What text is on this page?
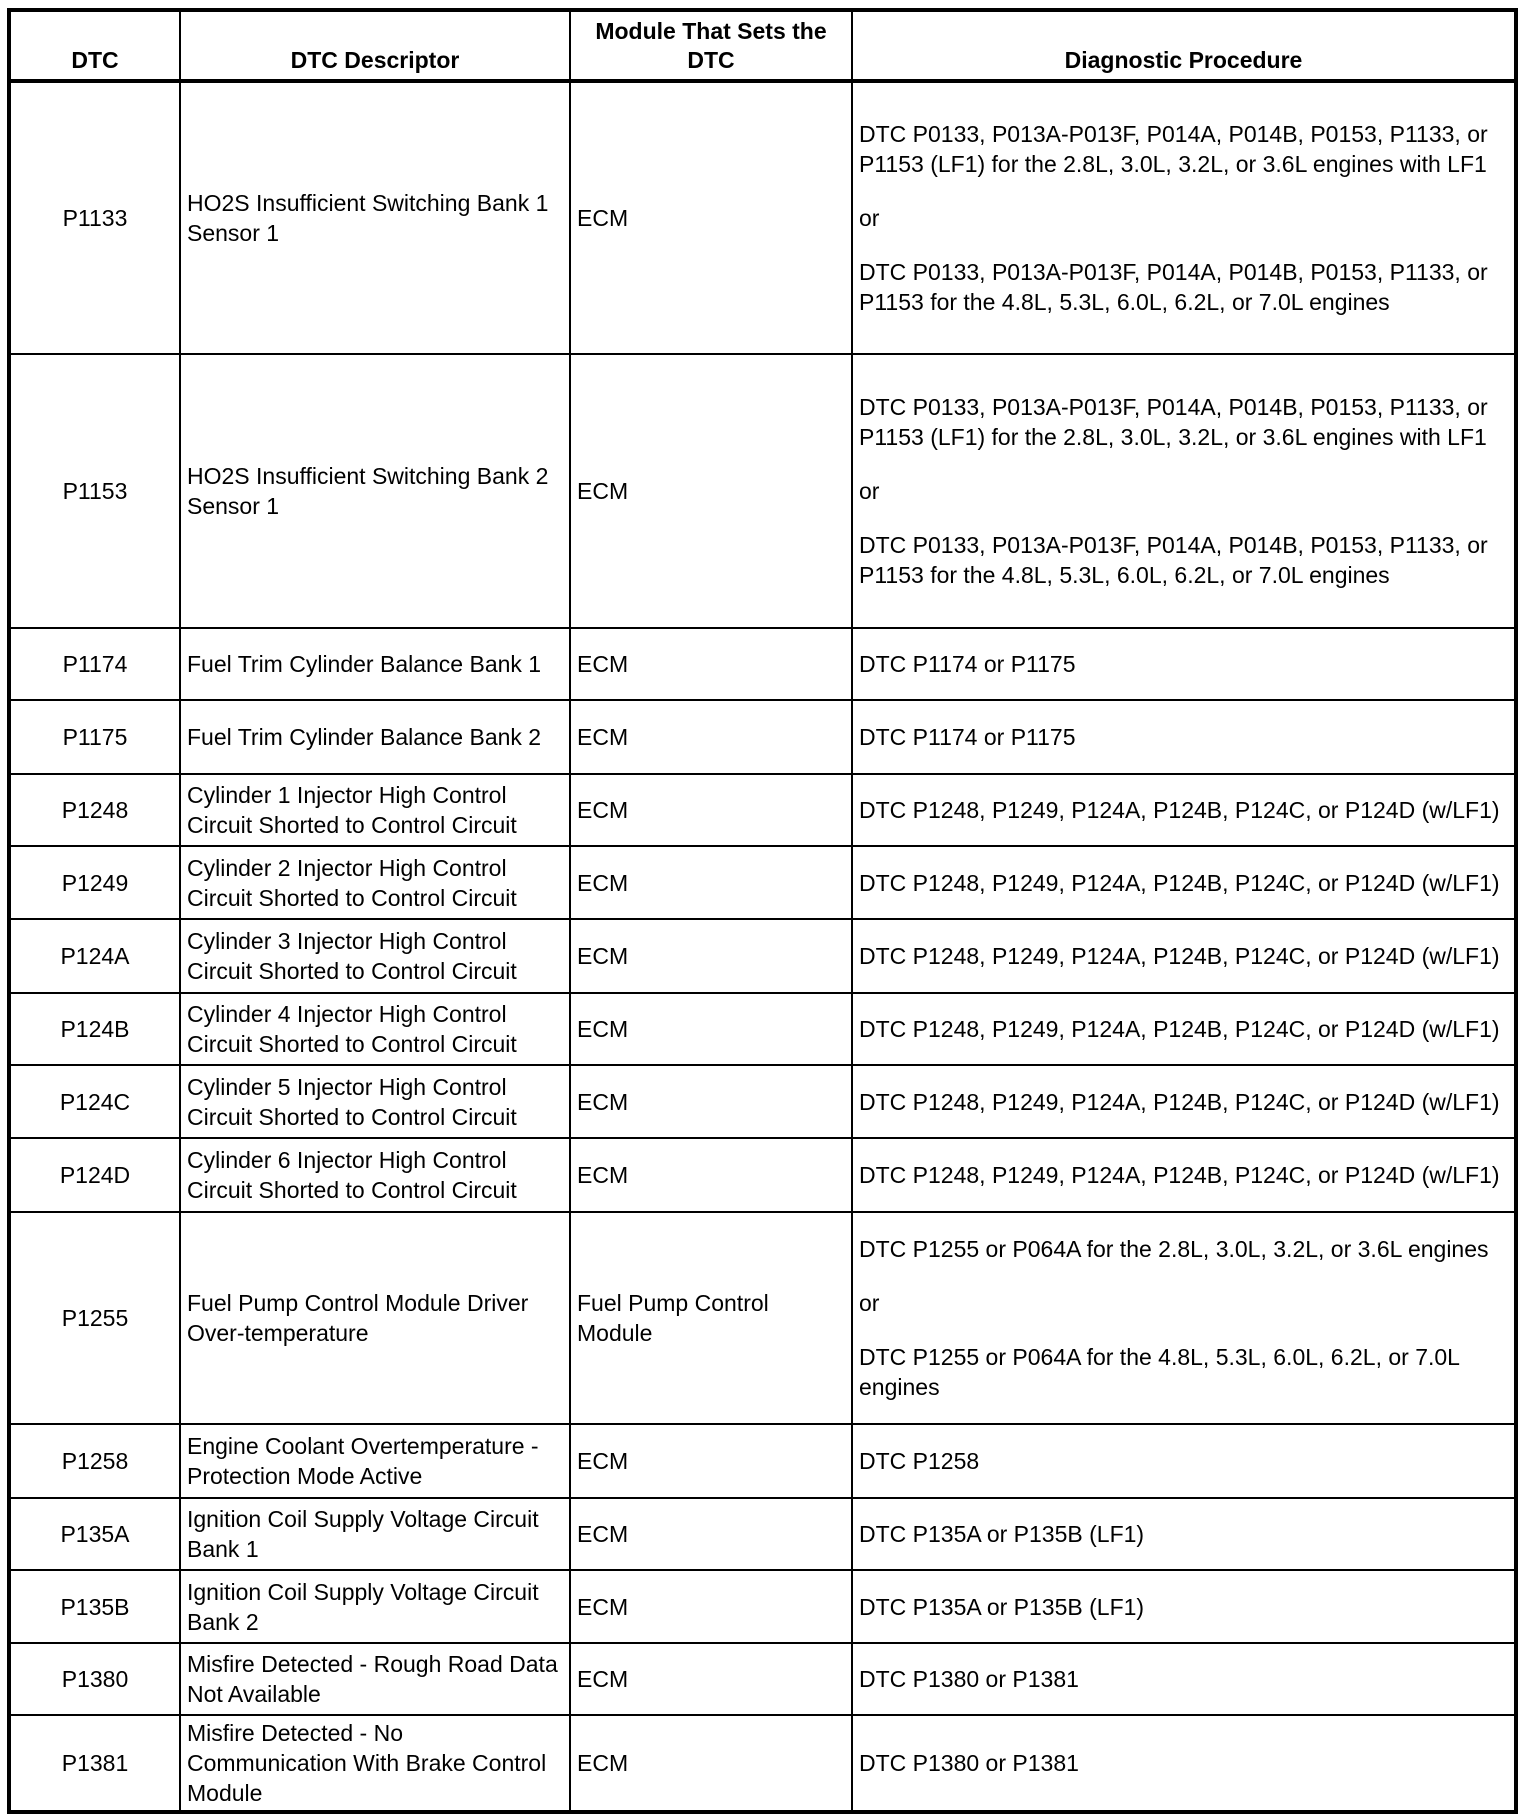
DTC	DTC Descriptor	Module That Sets the DTC	Diagnostic Procedure
P1133	HO2S Insufficient Switching Bank 1 Sensor 1	ECM	DTC P0133, P013A-P013F, P014A, P014B, P0153, P1133, or P1153 (LF1) for the 2.8L, 3.0L, 3.2L, or 3.6L engines with LF1

or

DTC P0133, P013A-P013F, P014A, P014B, P0153, P1133, or P1153 for the 4.8L, 5.3L, 6.0L, 6.2L, or 7.0L engines

P1153	HO2S Insufficient Switching Bank 2 Sensor 1	ECM	DTC P0133, P013A-P013F, P014A, P014B, P0153, P1133, or P1153 (LF1) for the 2.8L, 3.0L, 3.2L, or 3.6L engines with LF1

or

DTC P0133, P013A-P013F, P014A, P014B, P0153, P1133, or P1153 for the 4.8L, 5.3L, 6.0L, 6.2L, or 7.0L engines

P1174	Fuel Trim Cylinder Balance Bank 1	ECM	DTC P1174 or P1175

P1175	Fuel Trim Cylinder Balance Bank 2	ECM	DTC P1174 or P1175

P1248	Cylinder 1 Injector High Control Circuit Shorted to Control Circuit	ECM	DTC P1248, P1249, P124A, P124B, P124C, or P124D (w/LF1)

P1249	Cylinder 2 Injector High Control Circuit Shorted to Control Circuit	ECM	DTC P1248, P1249, P124A, P124B, P124C, or P124D (w/LF1)

P124A	Cylinder 3 Injector High Control Circuit Shorted to Control Circuit	ECM	DTC P1248, P1249, P124A, P124B, P124C, or P124D (w/LF1)

P124B	Cylinder 4 Injector High Control Circuit Shorted to Control Circuit	ECM	DTC P1248, P1249, P124A, P124B, P124C, or P124D (w/LF1)

P124C	Cylinder 5 Injector High Control Circuit Shorted to Control Circuit	ECM	DTC P1248, P1249, P124A, P124B, P124C, or P124D (w/LF1)

P124D	Cylinder 6 Injector High Control Circuit Shorted to Control Circuit	ECM	DTC P1248, P1249, P124A, P124B, P124C, or P124D (w/LF1)

P1255	Fuel Pump Control Module Driver Over-temperature	Fuel Pump Control Module	DTC P1255 or P064A for the 2.8L, 3.0L, 3.2L, or 3.6L engines

or

DTC P1255 or P064A for the 4.8L, 5.3L, 6.0L, 6.2L, or 7.0L engines

P1258	Engine Coolant Overtemperature - Protection Mode Active	ECM	DTC P1258

P135A	Ignition Coil Supply Voltage Circuit Bank 1	ECM	DTC P135A or P135B (LF1)

P135B	Ignition Coil Supply Voltage Circuit Bank 2	ECM	DTC P135A or P135B (LF1)

P1380	Misfire Detected - Rough Road Data Not Available	ECM	DTC P1380 or P1381

P1381	Misfire Detected - No Communication With Brake Control Module	ECM	DTC P1380 or P1381
